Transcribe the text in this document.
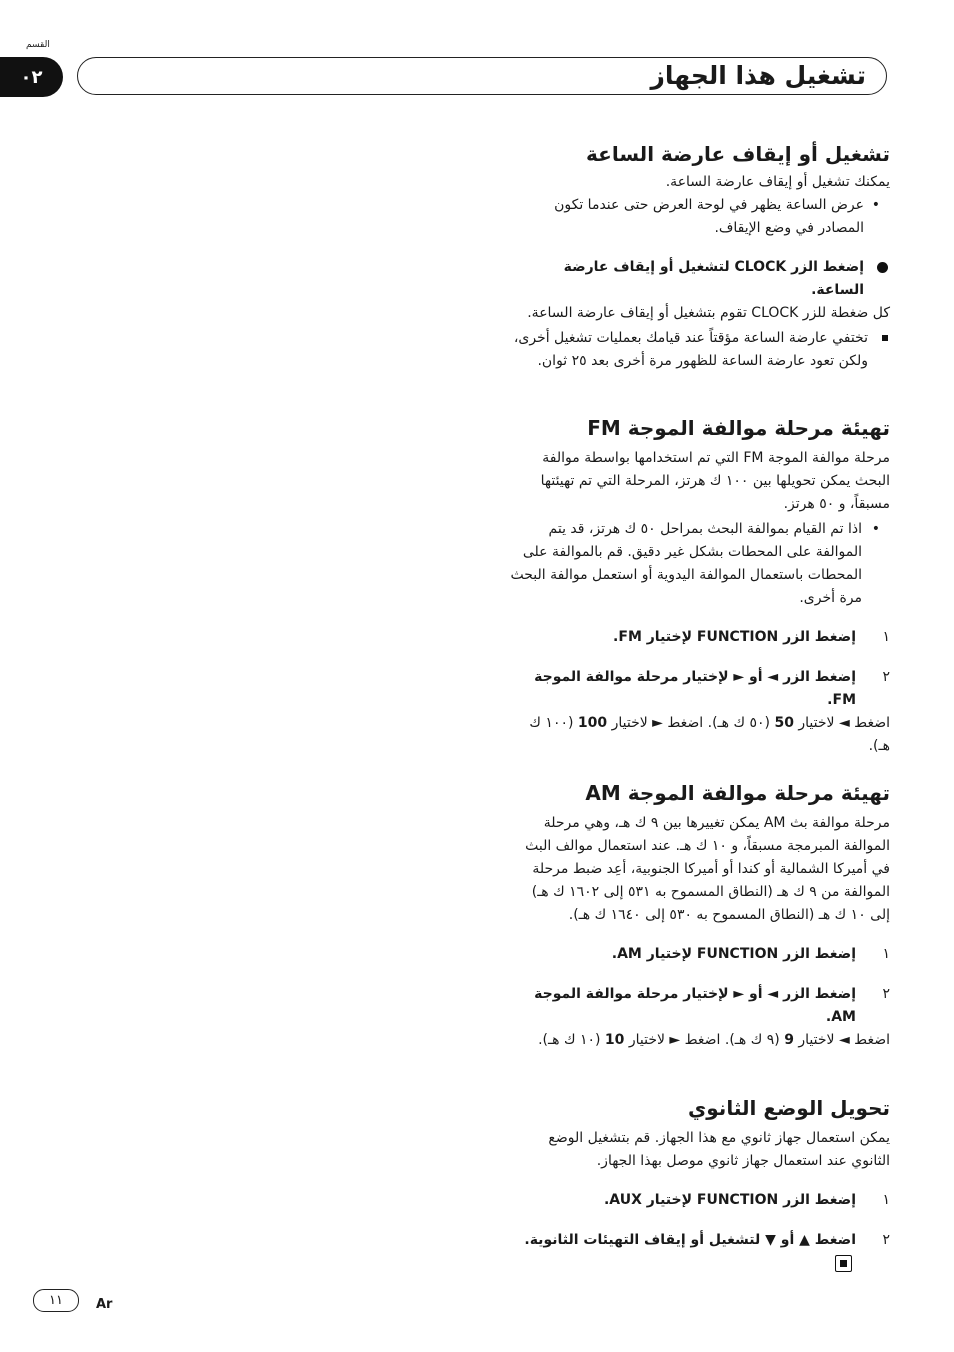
القسم
٠٢	تشغيل هذا الجهاز
تشغيل أو إيقاف عارضة الساعة

يمكنك تشغيل أو إيقاف عارضة الساعة.

• عرض الساعة يظهر في لوحة العرض حتى عندما تكون المصادر في وضع الإيقاف.

إضغط الزر CLOCK لتشغيل أو إيقاف عارضة الساعة.

كل ضغطة للزر CLOCK تقوم بتشغيل أو إيقاف عارضة الساعة.

تختفي عارضة الساعة مؤقتاً عند قيامك بعمليات تشغيل أخرى، ولكن تعود عارضة الساعة للظهور مرة أخرى بعد ٢٥ ثوان.

تهيئة مرحلة موالفة الموجة FM

مرحلة موالفة الموجة FM التي تم استخدامها بواسطة موالفة البحث يمكن تحويلها بين ١٠٠ ك هرتز، المرحلة التي تم تهيئتها مسبقاً، و ٥٠ هرتز.

• اذا تم القيام بموالفة البحث بمراحل ٥٠ ك هرتز، قد يتم الموالفة على المحطات بشكل غير دقيق. قم بالموالفة على المحطات باستعمال الموالفة اليدوية أو استعمل موالفة البحث مرة أخرى.

١
إضغط الزر FUNCTION لإختيار FM.
٢
إضغط الزر ◄ أو ► لإختيار مرحلة موالفة الموجة FM.

اضغط ◄ لاختيار 50 (٥٠ ك هـ). اضغط ► لاختيار 100 (١٠٠ ك هـ).

تهيئة مرحلة موالفة الموجة AM

مرحلة موالفة بث AM يمكن تغييرها بين ٩ ك هـ، وهي مرحلة الموالفة المبرمجة مسبقاً، و ١٠ ك هـ. عند استعمال موالف البث في أميركا الشمالية أو كندا أو أميركا الجنوبية، أعِد ضبط مرحلة الموالفة من ٩ ك هـ (النطاق المسموح به ٥٣١ إلى ١٦٠٢ ك هـ) إلى ١٠ ك هـ (النطاق المسموح به ٥٣٠ إلى ١٦٤٠ ك هـ).

١
إضغط الزر FUNCTION لإختيار AM.
٢
إضغط الزر ◄ أو ► لإختيار مرحلة موالفة الموجة AM.

اضغط ◄ لاختيار 9 (٩ ك هـ). اضغط ► لاختيار 10 (١٠ ك هـ).

تحويل الوضع الثانوي

يمكن استعمال جهاز ثانوي مع هذا الجهاز. قم بتشغيل الوضع الثانوي عند استعمال جهاز ثانوي موصل بهذا الجهاز.

١
إضغط الزر FUNCTION لإختيار AUX.
٢
اضغط ▲ أو ▼ لتشغيل أو إيقاف التهيئات الثانوية.
١١	Ar
